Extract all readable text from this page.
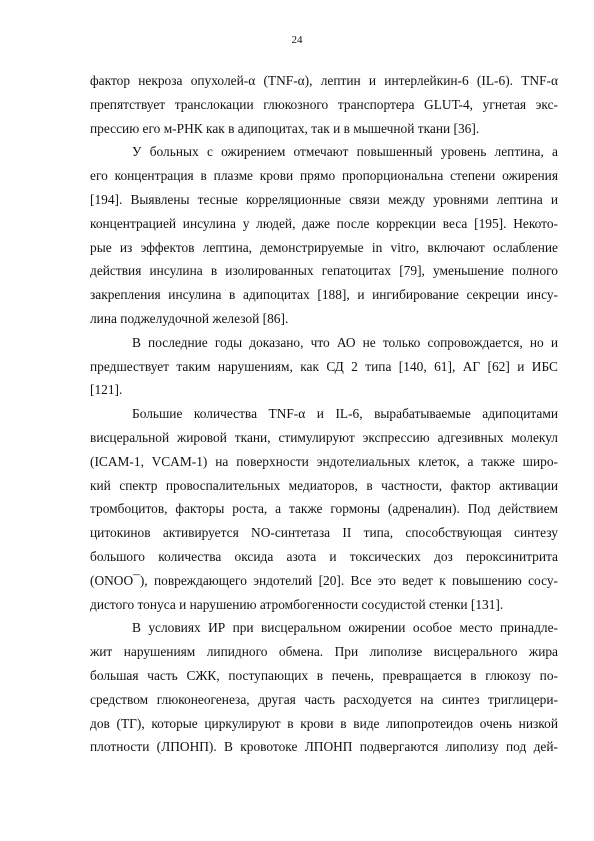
24
фактор некроза опухолей-α (TNF-α), лептин и интерлейкин-6 (IL-6). TNF-α
препятствует транслокации глюкозного транспортера GLUT-4, угнетая экс-
прессию его м-РНК как в адипоцитах, так и в мышечной ткани [36].
У больных с ожирением отмечают повышенный уровень лептина, а
его концентрация в плазме крови прямо пропорциональна степени ожирения
[194]. Выявлены тесные корреляционные связи между уровнями лептина и
концентрацией инсулина у людей, даже после коррекции веса [195]. Некото-
рые из эффектов лептина, демонстрируемые in vitro, включают ослабление
действия инсулина в изолированных гепатоцитах [79], уменьшение полного
закрепления инсулина в адипоцитах [188], и ингибирование секреции инсу-
лина поджелудочной железой [86].
В последние годы доказано, что АО не только сопровождается, но и
предшествует таким нарушениям, как СД 2 типа [140, 61], АГ [62] и ИБС
[121].
Большие количества TNF-α и IL-6, вырабатываемые адипоцитами
висцеральной жировой ткани, стимулируют экспрессию адгезивных молекул
(ICAM-1, VCAM-1) на поверхности эндотелиальных клеток, а также широ-
кий спектр провоспалительных медиаторов, в частности, фактор активации
тромбоцитов, факторы роста, а также гормоны (адреналин). Под действием
цитокинов активируется NO-синтетаза II типа, способствующая синтезу
большого количества оксида азота и токсических доз пероксинитрита
(ONOO¯), повреждающего эндотелий [20]. Все это ведет к повышению сосу-
дистого тонуса и нарушению атромбогенности сосудистой стенки [131].
В условиях ИР при висцеральном ожирении особое место принадле-
жит нарушениям липидного обмена. При липолизе висцерального жира
большая часть СЖК, поступающих в печень, превращается в глюкозу по-
средством глюконеогенеза, другая часть расходуется на синтез триглицери-
дов (ТГ), которые циркулируют в крови в виде липопротеидов очень низкой
плотности (ЛПОНП). В кровотоке ЛПОНП подвергаются липолизу под дей-
